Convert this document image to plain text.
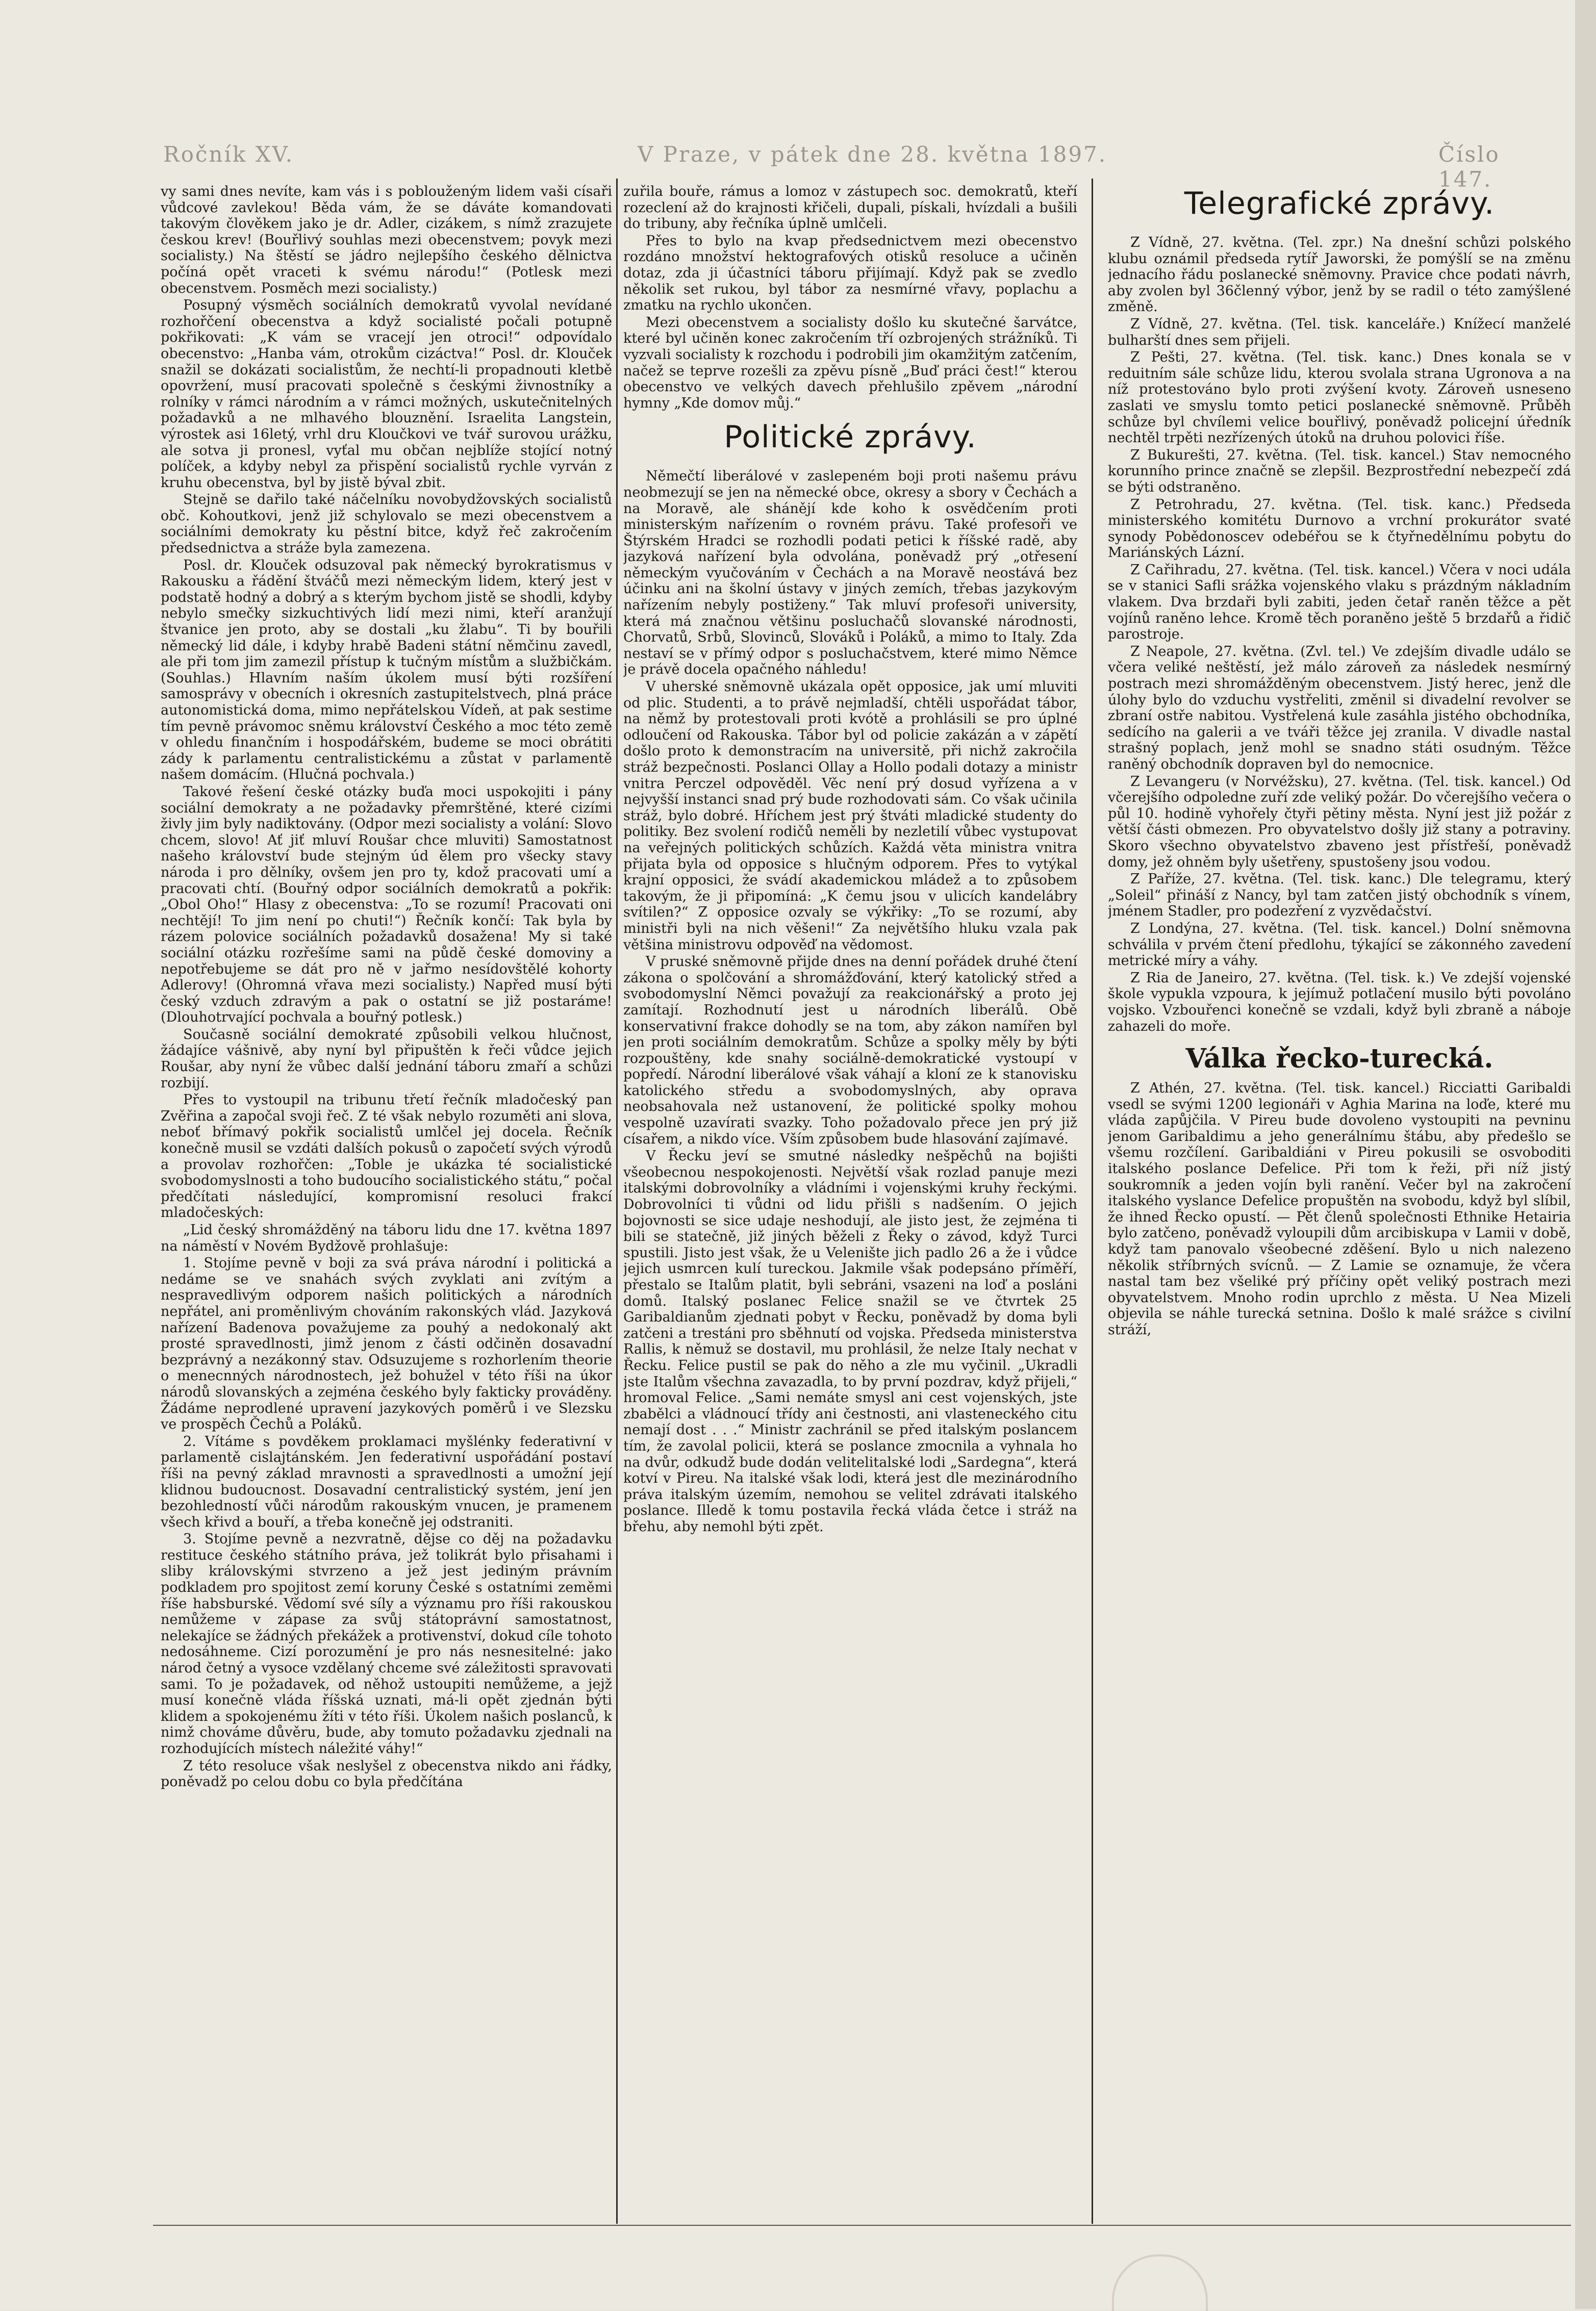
Ročník XV.	V Praze, v pátek dne 28. května 1897.	Číslo 147.

vy sami dnes nevíte, kam vás i s poblouženým lidem vaši císaři vůdcové zavlekou! Běda vám, že se dáváte komandovati takovým člověkem jako je dr. Adler, cizákem, s nímž zrazujete českou krev! (Bouřlivý souhlas mezi obecenstvem; povyk mezi socialisty.) Na štěstí se jádro nejlepšího českého dělnictva počíná opět vraceti k svému národu!“ (Potlesk mezi obecenstvem. Posměch mezi socialisty.)

Posupný výsměch sociálních demokratů vyvolal nevídané rozhořčení obecenstva a když socialisté počali potupně pokřikovati: „K vám se vracejí jen otroci!“ odpovídalo obecenstvo: „Hanba vám, otrokům cizáctva!“ Posl. dr. Klouček snažil se dokázati socialistům, že nechtí-li propadnouti kletbě opovržení, musí pracovati společně s českými živnostníky a rolníky v rámci národním a v rámci možných, uskutečnitelných požadavků a ne mlhavého blouznění. Israelita Langstein, výrostek asi 16letý, vrhl dru Kloučkovi ve tvář surovou urážku, ale sotva ji pronesl, vyťal mu občan nejblíže stojící notný políček, a kdyby nebyl za přispění socialistů rychle vyrván z kruhu obecenstva, byl by jistě býval zbit.

Stejně se dařilo také náčelníku novobydžovských socialistů obč. Kohoutkovi, jenž již schylovalo se mezi obecenstvem a sociálními demokraty ku pěstní bitce, když řeč zakročením předsednictva a stráže byla zamezena.

Posl. dr. Klouček odsuzoval pak německý byrokratismus v Rakousku a řádění štváčů mezi německým lidem, který jest v podstatě hodný a dobrý a s kterým bychom jistě se shodli, kdyby nebylo smečky sizkuchtivých lidí mezi nimi, kteří aranžují štvanice jen proto, aby se dostali „ku žlabu“. Ti by bouřili německý lid dále, i kdyby hrabě Badeni státní němčinu zavedl, ale při tom jim zamezil přístup k tučným místům a službičkám. (Souhlas.) Hlavním naším úkolem musí býti rozšíření samosprávy v obecních i okresních zastupitelstvech, plná práce autonomistická doma, mimo nepřátelskou Vídeň, at pak sestime tím pevně právomoc sněmu království Českého a moc této země v ohledu finančním i hospodářském, budeme se moci obrátiti zády k parlamentu centralistickému a zůstat v parlamentě našem domácím. (Hlučná pochvala.)

Takové řešení české otázky buďa moci uspokojiti i pány sociální demokraty a ne požadavky přemrštěné, které cizími živly jim byly nadiktovány. (Odpor mezi socialisty a volání: Slovo chcem, slovo! Ať jiť mluví Roušar chce mluviti) Samostatnost našeho království bude stejným úd ělem pro všecky stavy národa i pro dělníky, ovšem jen pro ty, kdož pracovati umí a pracovati chtí. (Bouřný odpor sociálních demokratů a pokřik: „Obol Oho!“ Hlasy z obecenstva: „To se rozumí! Pracovati oni nechtějí! To jim není po chuti!“) Řečník končí: Tak byla by rázem polovice sociálních požadavků dosažena! My si také sociální otázku rozřešíme sami na půdě české domoviny a nepotřebujeme se dát pro ně v jařmo nesídovštělé kohorty Adlerovy! (Ohromná vřava mezi socialisty.) Napřed musí býti český vzduch zdravým a pak o ostatní se již postaráme! (Dlouhotrvající pochvala a bouřný potlesk.)

Současně sociální demokraté způsobili velkou hlučnost, žádajíce vášnivě, aby nyní byl připuštěn k řeči vůdce jejich Roušar, aby nyní že vůbec další jednání táboru zmaří a schůzi rozbijí.

Přes to vystoupil na tribunu třetí řečník mladočeský pan Zvěřina a započal svoji řeč. Z té však nebylo rozuměti ani slova, neboť břímavý pokřik socialistů umlčel jej docela. Řečník konečně musil se vzdáti dalších pokusů o započetí svých výrodů a provolav rozhořčen: „Toble je ukázka té socialistické svobodomyslnosti a toho budoucího socialistického státu,“ počal předčítati následující, kompromisní resoluci frakcí mladočeských:

„Lid český shromážděný na táboru lidu dne 17. května 1897 na náměstí v Novém Bydžově prohlašuje:

1. Stojíme pevně v boji za svá práva národní i politická a nedáme se ve snahách svých zvyklati ani zvítým a nespravedlivým odporem našich politických a národních nepřátel, ani proměnlivým chováním rakonských vlád. Jazyková nařízení Badenova považujeme za pouhý a nedokonalý akt prosté spravedlnosti, jimž jenom z části odčiněn dosavadní bezprávný a nezákonný stav. Odsuzujeme s rozhorlením theorie o menecnných národnostech, jež bohužel v této říši na úkor národů slovanských a zejména českého byly fakticky prováděny. Žádáme neprodlené upravení jazykových poměrů i ve Slezsku ve prospěch Čechů a Poláků.

2. Vítáme s povděkem proklamaci myšlénky federativní v parlamentě cislajtánském. Jen federativní uspořádání postaví říši na pevný základ mravnosti a spravedlnosti a umožní její klidnou budoucnost. Dosavadní centralistický systém, jení jen bezohledností vůči národům rakouským vnucen, je pramenem všech křivd a bouří, a třeba konečně jej odstraniti.

3. Stojíme pevně a nezvratně, dějse co děj na požadavku restituce českého státního práva, jež tolikrát bylo přisahami i sliby královskými stvrzeno a jež jest jediným právním podkladem pro spojitost zemí koruny České s ostatními zeměmi říše habsburské. Vědomí své síly a významu pro říši rakouskou nemůžeme v zápase za svůj státoprávní samostatnost, nelekajíce se žádných překážek a protivenství, dokud cíle tohoto nedosáhneme. Cizí porozumění je pro nás nesnesitelné: jako národ četný a vysoce vzdělaný chceme své záležitosti spravovati sami. To je požadavek, od něhož ustoupiti nemůžeme, a jejž musí konečně vláda říšská uznati, má-li opět zjednán býti klidem a spokojenému žíti v této říši. Úkolem našich poslanců, k nimž chováme důvěru, bude, aby tomuto požadavku zjednali na rozhodujících místech náležité váhy!“

Z této resoluce však neslyšel z obecenstva nikdo ani řádky, poněvadž po celou dobu co byla předčítána

zuřila bouře, rámus a lomoz v zástupech soc. demokratů, kteří rozeclení až do krajnosti křičeli, dupali, pískali, hvízdali a bušili do tribuny, aby řečníka úplně umlčeli.

Přes to bylo na kvap předsednictvem mezi obecenstvo rozdáno množství hektografových otisků resoluce a učiněn dotaz, zda ji účastníci táboru přijímají. Když pak se zvedlo několik set rukou, byl tábor za nesmírné vřavy, poplachu a zmatku na rychlo ukončen.

Mezi obecenstvem a socialisty došlo ku skutečné šarvátce, které byl učiněn konec zakročením tří ozbrojených strážníků. Ti vyzvali socialisty k rozchodu i podrobili jim okamžitým zatčením, načež se teprve rozešli za zpěvu písně „Buď práci čest!“ kterou obecenstvo ve velkých davech přehlušilo zpěvem „národní hymny „Kde domov můj.“

Politické zprávy.

Němečtí liberálové v zaslepeném boji proti našemu právu neobmezují se jen na německé obce, okresy a sbory v Čechách a na Moravě, ale shánějí kde koho k osvědčením proti ministerským nařízením o rovném právu. Také profesoři ve Štýrském Hradci se rozhodli podati petici k říšské radě, aby jazyková nařízení byla odvolána, poněvadž prý „otřesení německým vyučováním v Čechách a na Moravě neostává bez účinku ani na školní ústavy v jiných zemích, třebas jazykovým nařízením nebyly postiženy.“ Tak mluví profesoři university, která má značnou většinu posluchačů slovanské národnosti, Chorvatů, Srbů, Slovinců, Slováků i Poláků, a mimo to Italy. Zda nestaví se v přímý odpor s posluchačstvem, které mimo Němce je právě docela opačného náhledu!

V uherské sněmovně ukázala opět opposice, jak umí mluviti od plic. Studenti, a to právě nejmladší, chtěli uspořádat tábor, na němž by protestovali proti kvótě a prohlásili se pro úplné odloučení od Rakouska. Tábor byl od policie zakázán a v zápětí došlo proto k demonstracím na universitě, při nichž zakročila stráž bezpečnosti. Poslanci Ollay a Hollo podali dotazy a ministr vnitra Perczel odpověděl. Věc není prý dosud vyřízena a v nejvyšší instanci snad prý bude rozhodovati sám. Co však učinila stráž, bylo dobré. Hříchem jest prý štváti mladické studenty do politiky. Bez svolení rodičů neměli by nezletilí vůbec vystupovat na veřejných politických schůzích. Každá věta ministra vnitra přijata byla od opposice s hlučným odporem. Přes to vytýkal krajní opposici, že svádí akademickou mládež a to způsobem takovým, že ji připomíná: „K čemu jsou v ulicích kandelábry svítilen?“ Z opposice ozvaly se výkřiky: „To se rozumí, aby ministři byli na nich věšeni!“ Za největšího hluku vzala pak většina ministrovu odpověď na vědomost.

V pruské sněmovně přijde dnes na denní pořádek druhé čtení zákona o spolčování a shromážďování, který katolický střed a svobodomyslní Němci považují za reakcionářský a proto jej zamítají. Rozhodnutí jest u národních liberálů. Obě konservativní frakce dohodly se na tom, aby zákon namířen byl jen proti sociálním demokratům. Schůze a spolky měly by býti rozpouštěny, kde snahy sociálně-demokratické vystoupí v popředí. Národní liberálové však váhají a kloní ze k stanovisku katolického středu a svobodomyslných, aby oprava neobsahovala než ustanovení, že politické spolky mohou vespolně uzavírati svazky. Toho požadovalo přece jen prý již císařem, a nikdo více. Vším způsobem bude hlasování zajímavé.

V Řecku jeví se smutné následky nešpěchů na bojišti všeobecnou nespokojenosti. Největší však rozlad panuje mezi italskými dobrovolníky a vládními i vojenskými kruhy řeckými. Dobrovolníci ti vůdni od lidu přišli s nadšením. O jejich bojovnosti se sice udaje neshodují, ale jisto jest, že zejména ti bili se statečně, již jiných běželi z Řeky o závod, když Turci spustili. Jisto jest však, že u Velenište jich padlo 26 a že i vůdce jejich usmrcen kulí tureckou. Jakmile však podepsáno příměří, přestalo se Italům platit, byli sebráni, vsazeni na loď a posláni domů. Italský poslanec Felice snažil se ve čtvrtek 25 Garibaldianům zjednati pobyt v Řecku, poněvadž by doma byli zatčeni a trestáni pro sběhnutí od vojska. Předseda ministerstva Rallis, k němuž se dostavil, mu prohlásil, že nelze Italy nechat v Řecku. Felice pustil se pak do něho a zle mu vyčinil. „Ukradli jste Italům všechna zavazadla, to by první pozdrav, když přijeli,“ hromoval Felice. „Sami nemáte smysl ani cest vojenských, jste zbabělci a vládnoucí třídy ani čestnosti, ani vlasteneckého citu nemají dost . . .“ Ministr zachránil se před italským poslancem tím, že zavolal policii, která se poslance zmocnila a vyhnala ho na dvůr, odkudž bude dodán velitelitalské lodi „Sardegna“, která kotví v Pireu. Na italské však lodi, která jest dle mezinárodního práva italským územím, nemohou se velitel zdrávati italského poslance. Illedě k tomu postavila řecká vláda četce i stráž na břehu, aby nemohl býti zpět.

Telegrafické zprávy.

Z Vídně, 27. května. (Tel. zpr.) Na dnešní schůzi polského klubu oznámil předseda rytíř Jaworski, že pomýšlí se na změnu jednacího řádu poslanecké sněmovny. Pravice chce podati návrh, aby zvolen byl 36členný výbor, jenž by se radil o této zamýšlené změně.

Z Vídně, 27. května. (Tel. tisk. kanceláře.) Knížecí manželé bulharští dnes sem přijeli.

Z Pešti, 27. května. (Tel. tisk. kanc.) Dnes konala se v reduitním sále schůze lidu, kterou svolala strana Ugronova a na níž protestováno bylo proti zvýšení kvoty. Zároveň usneseno zaslati ve smyslu tomto petici poslanecké sněmovně. Průběh schůze byl chvílemi velice bouřlivý, poněvadž policejní úředník nechtěl trpěti nezřízených útoků na druhou polovici říše.

Z Bukurešti, 27. května. (Tel. tisk. kancel.) Stav nemocného korunního prince značně se zlepšil. Bezprostřední nebezpečí zdá se býti odstraněno.

Z Petrohradu, 27. května. (Tel. tisk. kanc.) Předseda ministerského komitétu Durnovo a vrchní prokurátor svaté synody Pobědonoscev odebéřou se k čtyřnedělnímu pobytu do Mariánských Lázní.

Z Cařihradu, 27. května. (Tel. tisk. kancel.) Včera v noci udála se v stanici Safli srážka vojenského vlaku s prázdným nákladním vlakem. Dva brzdaři byli zabiti, jeden četař raněn těžce a pět vojínů raněno lehce. Kromě těch poraněno ještě 5 brzdařů a řidič parostroje.

Z Neapole, 27. května. (Zvl. tel.) Ve zdejším divadle událo se včera veliké neštěstí, jež málo zároveň za následek nesmírný postrach mezi shromážděným obecenstvem. Jistý herec, jenž dle úlohy bylo do vzduchu vystřeliti, změnil si divadelní revolver se zbraní ostře nabitou. Vystřelená kule zasáhla jistého obchodníka, sedícího na galerii a ve tváři těžce jej zranila. V divadle nastal strašný poplach, jenž mohl se snadno státi osudným. Těžce raněný obchodník dopraven byl do nemocnice.

Z Levangeru (v Norvéžsku), 27. května. (Tel. tisk. kancel.) Od včerejšího odpoledne zuří zde veliký požár. Do včerejšího večera o půl 10. hodině vyhořely čtyři pětiny města. Nyní jest již požár z větší části obmezen. Pro obyvatelstvo došly již stany a potraviny. Skoro všechno obyvatelstvo zbaveno jest přístřeší, poněvadž domy, jež ohněm byly ušetřeny, spustošeny jsou vodou.

Z Paříže, 27. května. (Tel. tisk. kanc.) Dle telegramu, který „Soleil“ přináší z Nancy, byl tam zatčen jistý obchodník s vínem, jménem Stadler, pro podezření z vyzvědačství.

Z Londýna, 27. května. (Tel. tisk. kancel.) Dolní sněmovna schválila v prvém čtení předlohu, týkající se zákonného zavedení metrické míry a váhy.

Z Ria de Janeiro, 27. května. (Tel. tisk. k.) Ve zdejší vojenské škole vypukla vzpoura, k jejímuž potlačení musilo býti povoláno vojsko. Vzbouřenci konečně se vzdali, když byli zbraně a náboje zahazeli do moře.

Válka řecko-turecká.

Z Athén, 27. května. (Tel. tisk. kancel.) Ricciatti Garibaldi vsedl se svými 1200 legionáři v Aghia Marina na loďe, které mu vláda zapůjčila. V Pireu bude dovoleno vystoupiti na pevninu jenom Garibaldimu a jeho generálnímu štábu, aby předešlo se všemu rozčílení. Garibaldiáni v Pireu pokusili se osvoboditi italského poslance Defelice. Při tom k řeži, při níž jistý soukromník a jeden vojín byli ranění. Večer byl na zakročení italského vyslance Defelice propuštěn na svobodu, když byl slíbil, že ihned Řecko opustí. — Pět členů společnosti Ethnike Hetairia bylo zatčeno, poněvadž vyloupili dům arcibiskupa v Lamii v době, když tam panovalo všeobecné zděšení. Bylo u nich nalezeno několik stříbrných svícnů. — Z Lamie se oznamuje, že včera nastal tam bez všeliké prý příčiny opět veliký postrach mezi obyvatelstvem. Mnoho rodin uprchlo z města. U Nea Mizeli objevila se náhle turecká setnina. Došlo k malé srážce s civilní stráží,
